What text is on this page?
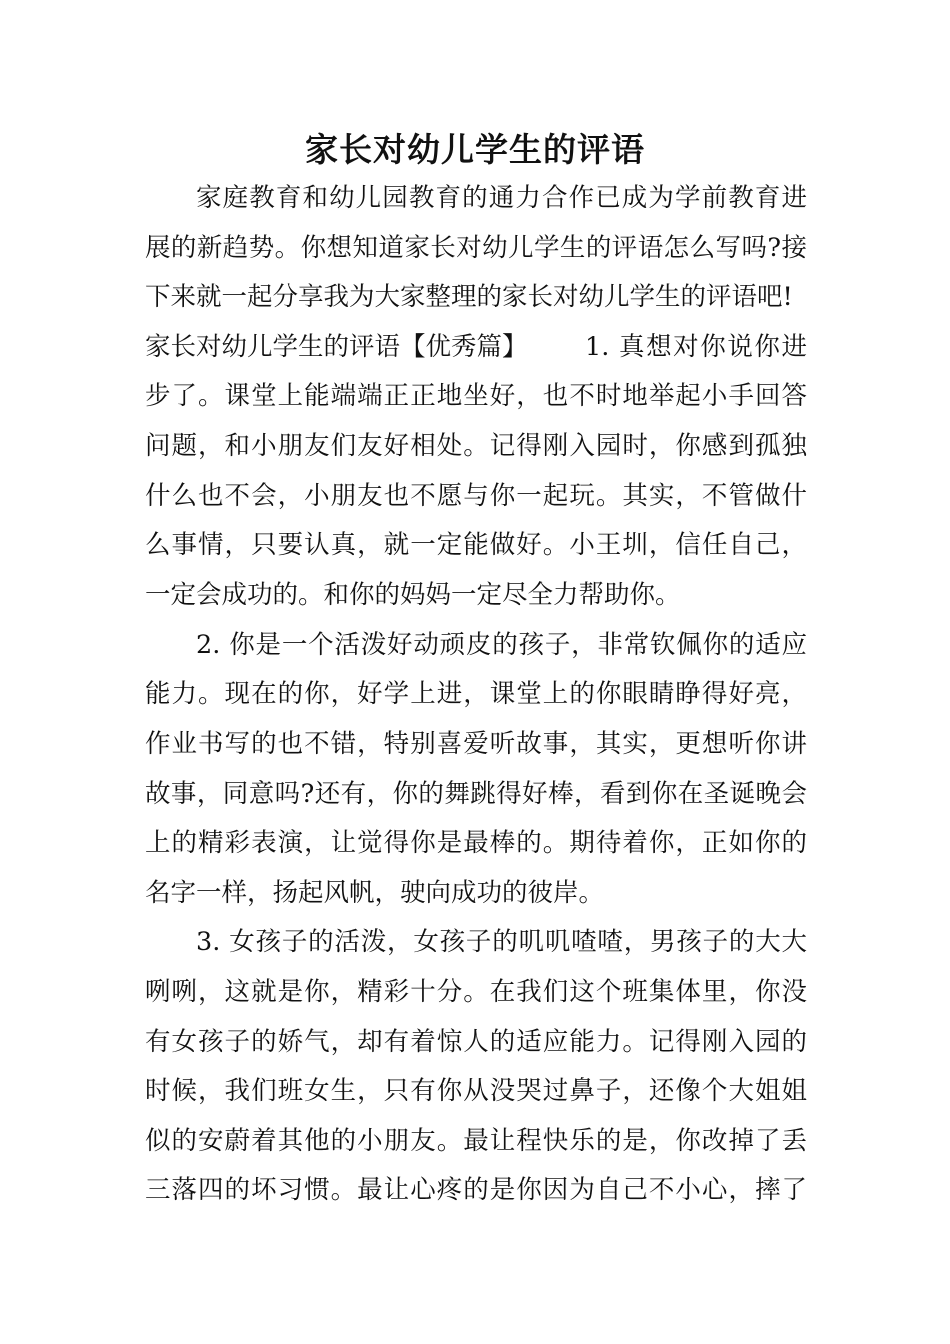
家长对幼儿学生的评语
家庭教育和幼儿园教育的通力合作已成为学前教育进
展的新趋势。你想知道家长对幼儿学生的评语怎么写吗?接
下来就一起分享我为大家整理的家长对幼儿学生的评语吧!
家长对幼儿学生的评语【优秀篇】 1. 真想对你说你进
步了。课堂上能端端正正地坐好，也不时地举起小手回答
问题，和小朋友们友好相处。记得刚入园时，你感到孤独
什么也不会，小朋友也不愿与你一起玩。其实，不管做什
么事情，只要认真，就一定能做好。小王圳，信任自己，
一定会成功的。和你的妈妈一定尽全力帮助你。
2. 你是一个活泼好动顽皮的孩子，非常钦佩你的适应
能力。现在的你，好学上进，课堂上的你眼睛睁得好亮，
作业书写的也不错，特别喜爱听故事，其实，更想听你讲
故事，同意吗?还有，你的舞跳得好棒，看到你在圣诞晚会
上的精彩表演，让觉得你是最棒的。期待着你，正如你的
名字一样，扬起风帆，驶向成功的彼岸。
3. 女孩子的活泼，女孩子的叽叽喳喳，男孩子的大大
咧咧，这就是你，精彩十分。在我们这个班集体里，你没
有女孩子的娇气，却有着惊人的适应能力。记得刚入园的
时候，我们班女生，只有你从没哭过鼻子，还像个大姐姐
似的安蔚着其他的小朋友。最让程快乐的是，你改掉了丢
三落四的坏习惯。最让心疼的是你因为自己不小心，摔了
